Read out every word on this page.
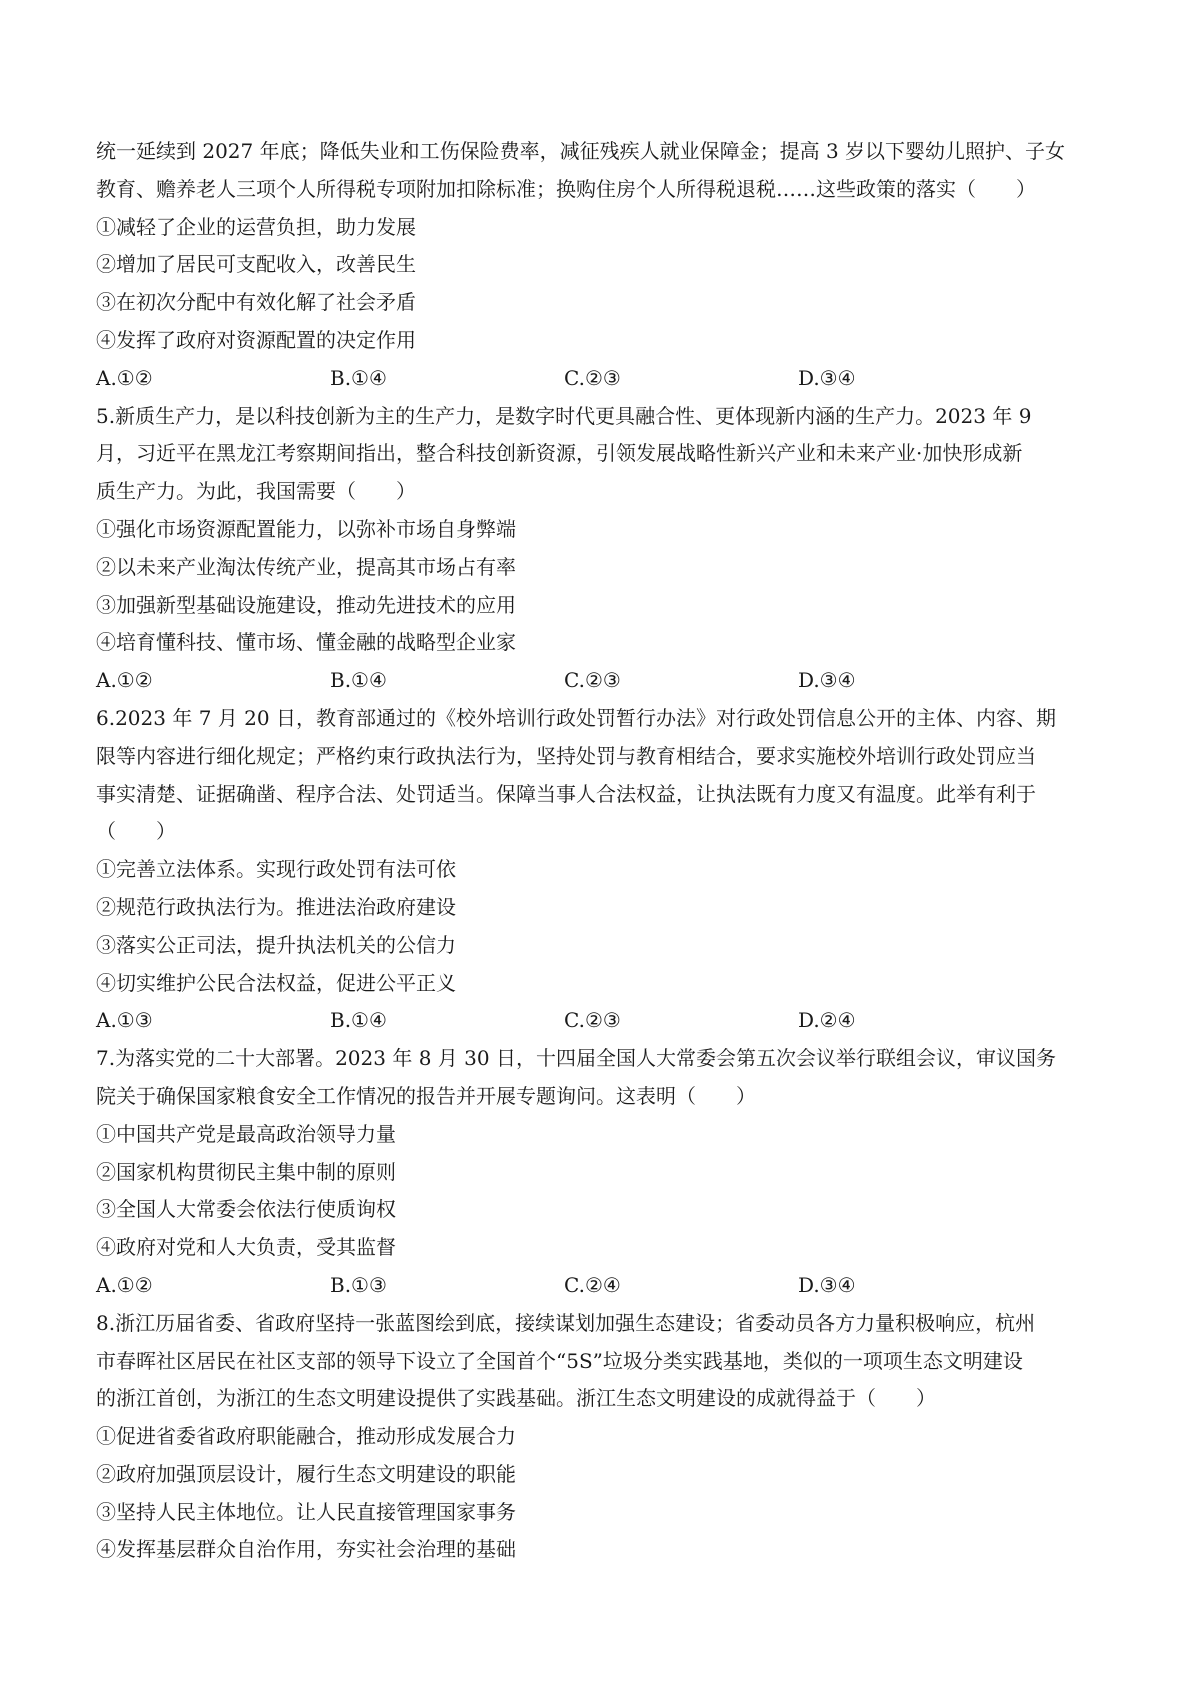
统一延续到 2027 年底；降低失业和工伤保险费率，减征残疾人就业保障金；提高 3 岁以下婴幼儿照护、子女
教育、赡养老人三项个人所得税专项附加扣除标准；换购住房个人所得税退税……这些政策的落实（　　）
①减轻了企业的运营负担，助力发展
②增加了居民可支配收入，改善民生
③在初次分配中有效化解了社会矛盾
④发挥了政府对资源配置的决定作用
A.①②	B.①④	C.②③	D.③④
5.新质生产力，是以科技创新为主的生产力，是数字时代更具融合性、更体现新内涵的生产力。2023 年 9
月，习近平在黑龙江考察期间指出，整合科技创新资源，引领发展战略性新兴产业和未来产业·加快形成新
质生产力。为此，我国需要（　　）
①强化市场资源配置能力，以弥补市场自身弊端
②以未来产业淘汰传统产业，提高其市场占有率
③加强新型基础设施建设，推动先进技术的应用
④培育懂科技、懂市场、懂金融的战略型企业家
A.①②	B.①④	C.②③	D.③④
6.2023 年 7 月 20 日，教育部通过的《校外培训行政处罚暂行办法》对行政处罚信息公开的主体、内容、期
限等内容进行细化规定；严格约束行政执法行为，坚持处罚与教育相结合，要求实施校外培训行政处罚应当
事实清楚、证据确凿、程序合法、处罚适当。保障当事人合法权益，让执法既有力度又有温度。此举有利于
（　　）
①完善立法体系。实现行政处罚有法可依
②规范行政执法行为。推进法治政府建设
③落实公正司法，提升执法机关的公信力
④切实维护公民合法权益，促进公平正义
A.①③	B.①④	C.②③	D.②④
7.为落实党的二十大部署。2023 年 8 月 30 日，十四届全国人大常委会第五次会议举行联组会议，审议国务
院关于确保国家粮食安全工作情况的报告并开展专题询问。这表明（　　）
①中国共产党是最高政治领导力量
②国家机构贯彻民主集中制的原则
③全国人大常委会依法行使质询权
④政府对党和人大负责，受其监督
A.①②	B.①③	C.②④	D.③④
8.浙江历届省委、省政府坚持一张蓝图绘到底，接续谋划加强生态建设；省委动员各方力量积极响应，杭州
市春晖社区居民在社区支部的领导下设立了全国首个“5S”垃圾分类实践基地，类似的一项项生态文明建设
的浙江首创，为浙江的生态文明建设提供了实践基础。浙江生态文明建设的成就得益于（　　）
①促进省委省政府职能融合，推动形成发展合力
②政府加强顶层设计，履行生态文明建设的职能
③坚持人民主体地位。让人民直接管理国家事务
④发挥基层群众自治作用，夯实社会治理的基础
